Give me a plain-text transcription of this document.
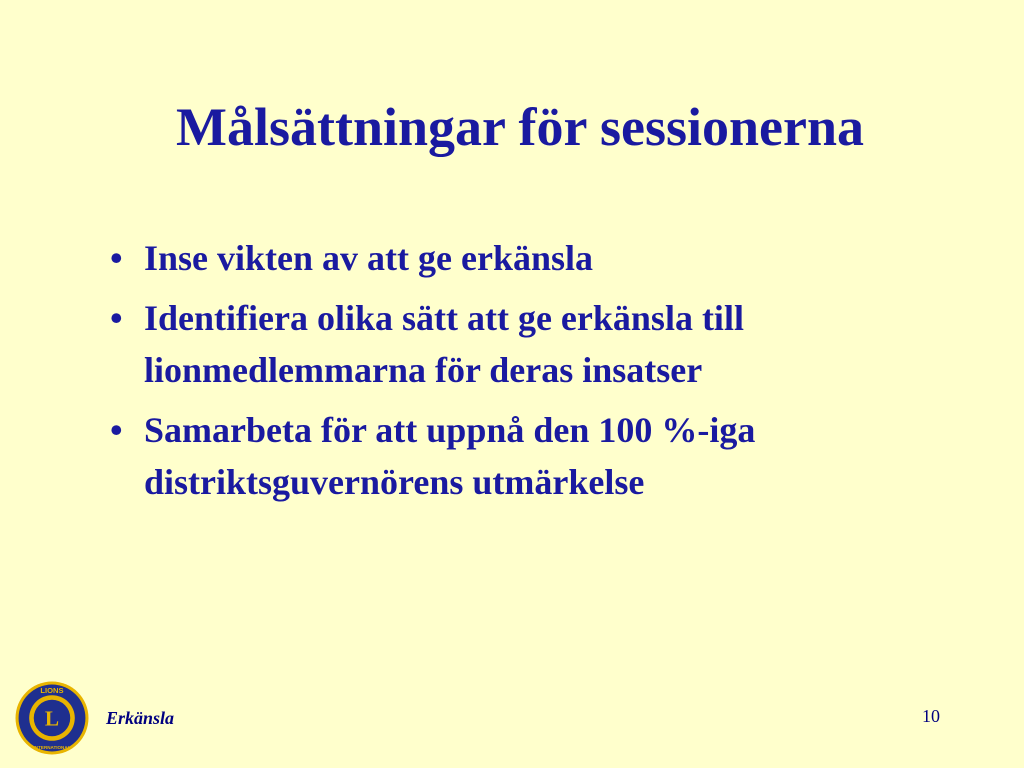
Målsättningar för sessionerna
• Inse vikten av att ge erkänsla
• Identifiera olika sätt att ge erkänsla till lionmedlemmarna för deras insatser
• Samarbeta för att uppnå den 100 %-iga distriktsguvernörens utmärkelse
L
LIONS
INTERNATIONAL
Erkänsla	10
